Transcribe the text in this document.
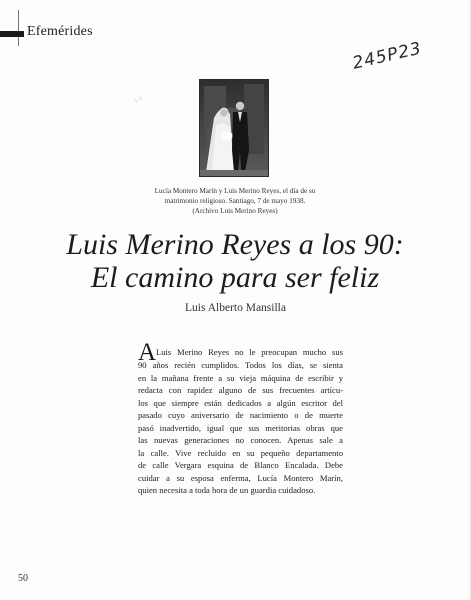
Efemérides
245P23
ᛃᛃ
Lucía Montero Marín y Luis Merino Reyes, el día de su
matrimonio religioso. Santiago, 7 de mayo 1938.
(Archivo Luis Merino Reyes)
Luis Merino Reyes a los 90:
El camino para ser feliz
Luis Alberto Mansilla
A Luis Merino Reyes no le preocupan mucho sus
90 años recién cumplidos. Todos los días, se sienta
en la mañana frente a su vieja máquina de escribir y
redacta con rapidez alguno de sus frecuentes artícu-
los que siempre están dedicados a algún escritor del
pasado cuyo aniversario de nacimiento o de muerte
pasó inadvertido, igual que sus meritorias obras que
las nuevas generaciones no conocen. Apenas sale a
la calle. Vive recluido en su pequeño departamento
de calle Vergara esquina de Blanco Encalada. Debe
cuidar a su esposa enferma, Lucía Montero Marín,
quien necesita a toda hora de un guardia cuidadoso.
50
